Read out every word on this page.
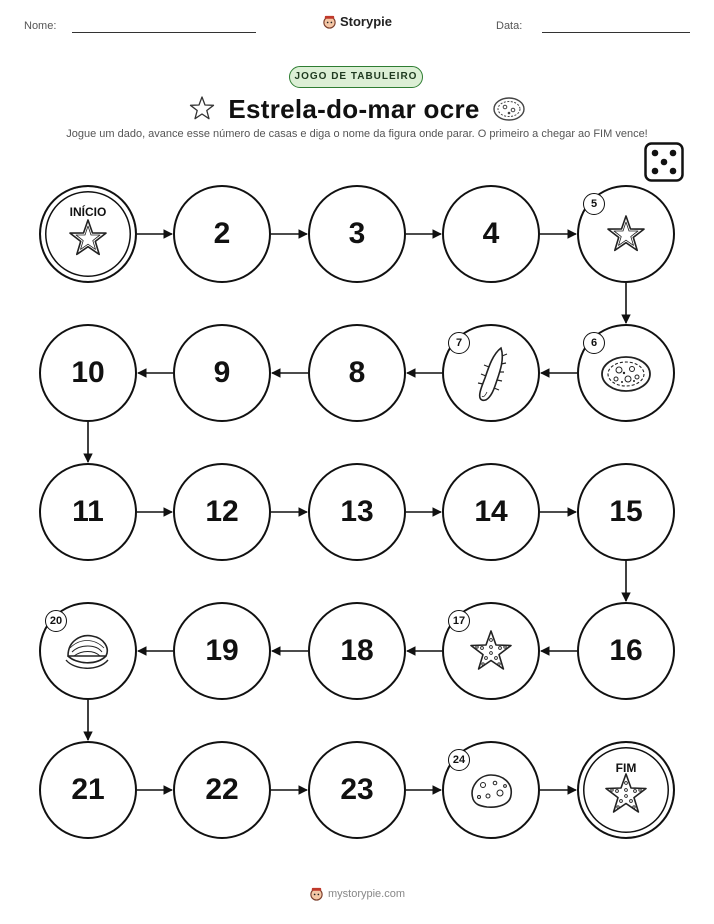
Nome:	Storypie	Data:
JOGO DE TABULEIRO
Estrela-do-mar ocre
Jogue um dado, avance esse número de casas e diga o nome da figura onde parar. O primeiro a chegar ao FIM vence!
INÍCIO
2	3	4
5
6
7
8
9
10
11	12	13	14	15
16
17
18
19
20
21	22	23
24
FIM
mystorypie.com
